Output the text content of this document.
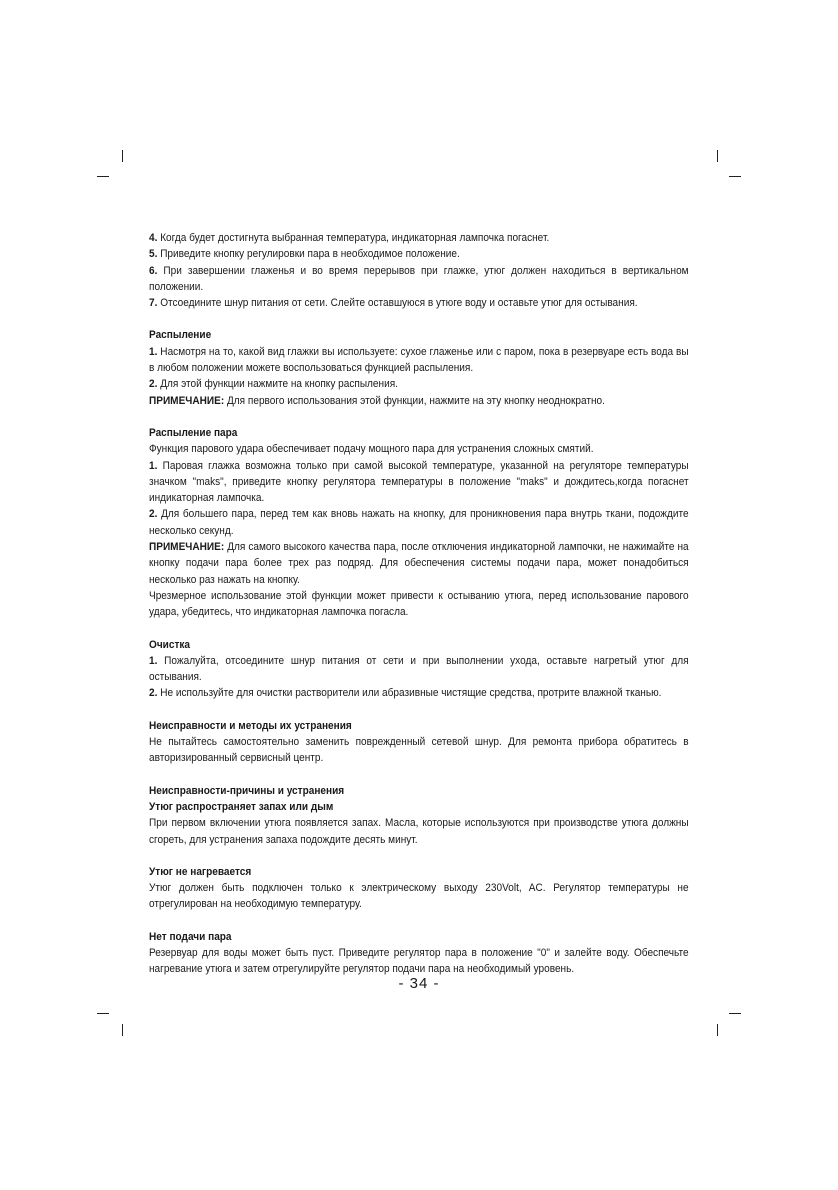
4. Когда будет достигнута выбранная температура, индикаторная лампочка погаснет.

5. Приведите кнопку регулировки пара в необходимое положение.

6. При завершении глаженья и во время перерывов при глажке, утюг должен находиться в вертикальном положении.

7. Отсоедините шнур питания от сети. Слейте оставшуюся в утюге воду и оставьте утюг для остывания.

Распыление

1. Насмотря на то, какой вид глажки вы используете: сухое глаженье или с паром, пока в резервуаре есть вода вы в любом положении можете воспользоваться функцией распыления.

2. Для этой функции нажмите на кнопку распыления.

ПРИМЕЧАНИЕ: Для первого использования этой функции, нажмите на эту кнопку неоднократно.

Распыление пара

Функция парового удара обеспечивает подачу мощного пара для устранения сложных смятий.

1. Паровая глажка возможна только при самой высокой температуре, указанной на регуляторе температуры значком "maks", приведите кнопку регулятора температуры в положение "maks" и дождитесь,когда погаснет индикаторная лампочка.

2. Для большего пара, перед тем как вновь нажать на кнопку, для проникновения пара внутрь ткани, подождите несколько секунд.

ПРИМЕЧАНИЕ: Для самого высокого качества пара, после отключения индикаторной лампочки, не нажимайте на кнопку подачи пара более трех раз подряд. Для обеспечения системы подачи пара, может понадобиться несколько раз нажать на кнопку.

Чрезмерное использование этой функции может привести к остыванию утюга, перед использование парового удара, убедитесь, что индикаторная лампочка погасла.

Очистка

1. Пожалуйта, отсоедините шнур питания от сети и при выполнении ухода, оставьте нагретый утюг для остывания.

2. Не используйте для очистки растворители или абразивные чистящие средства, протрите влажной тканью.

Неисправности и методы их устранения

Не пытайтесь самостоятельно заменить поврежденный сетевой шнур. Для ремонта прибора обратитесь в авторизированный сервисный центр.

Неисправности-причины и устранения

Утюг распространяет запах или дым

При первом включении утюга появляется запах. Масла, которые используются при производстве утюга должны сгореть, для устранения запаха подождите десять минут.

Утюг не нагревается

Утюг должен быть подключен только к электрическому выходу 230Volt, AC. Регулятор температуры не отрегулирован на необходимую температуру.

Нет подачи пара

Резервуар для воды может быть пуст. Приведите регулятор пара в положение "0" и залейте воду. Обеспечьте нагревание утюга и затем отрегулируйте регулятор подачи пара на необходимый уровень.

- 34 -
